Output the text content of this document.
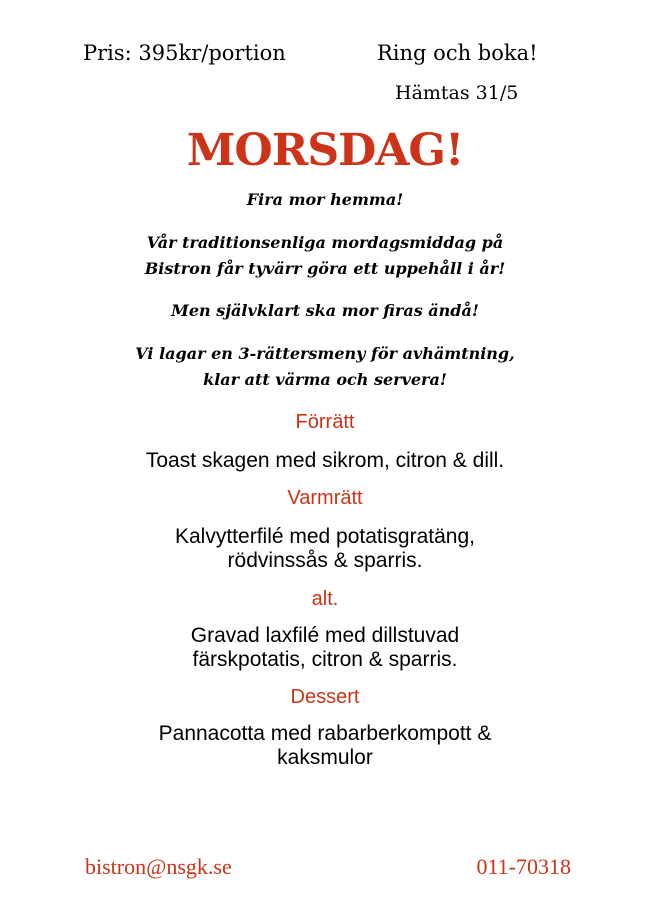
Pris: 395kr/portion	Ring och boka!
Hämtas 31/5
MORSDAG!
Fira mor hemma!
Vår traditionsenliga mordagsmiddag på
Bistron får tyvärr göra ett uppehåll i år!
Men självklart ska mor firas ändå!
Vi lagar en 3-rättersmeny för avhämtning,
klar att värma och servera!
Förrätt
Toast skagen med sikrom, citron & dill.
Varmrätt
Kalvytterfilé med potatisgratäng,
rödvinssås & sparris.
alt.
Gravad laxfilé med dillstuvad
färskpotatis, citron & sparris.
Dessert
Pannacotta med rabarberkompott &
kaksmulor
bistron@nsgk.se	011-70318
